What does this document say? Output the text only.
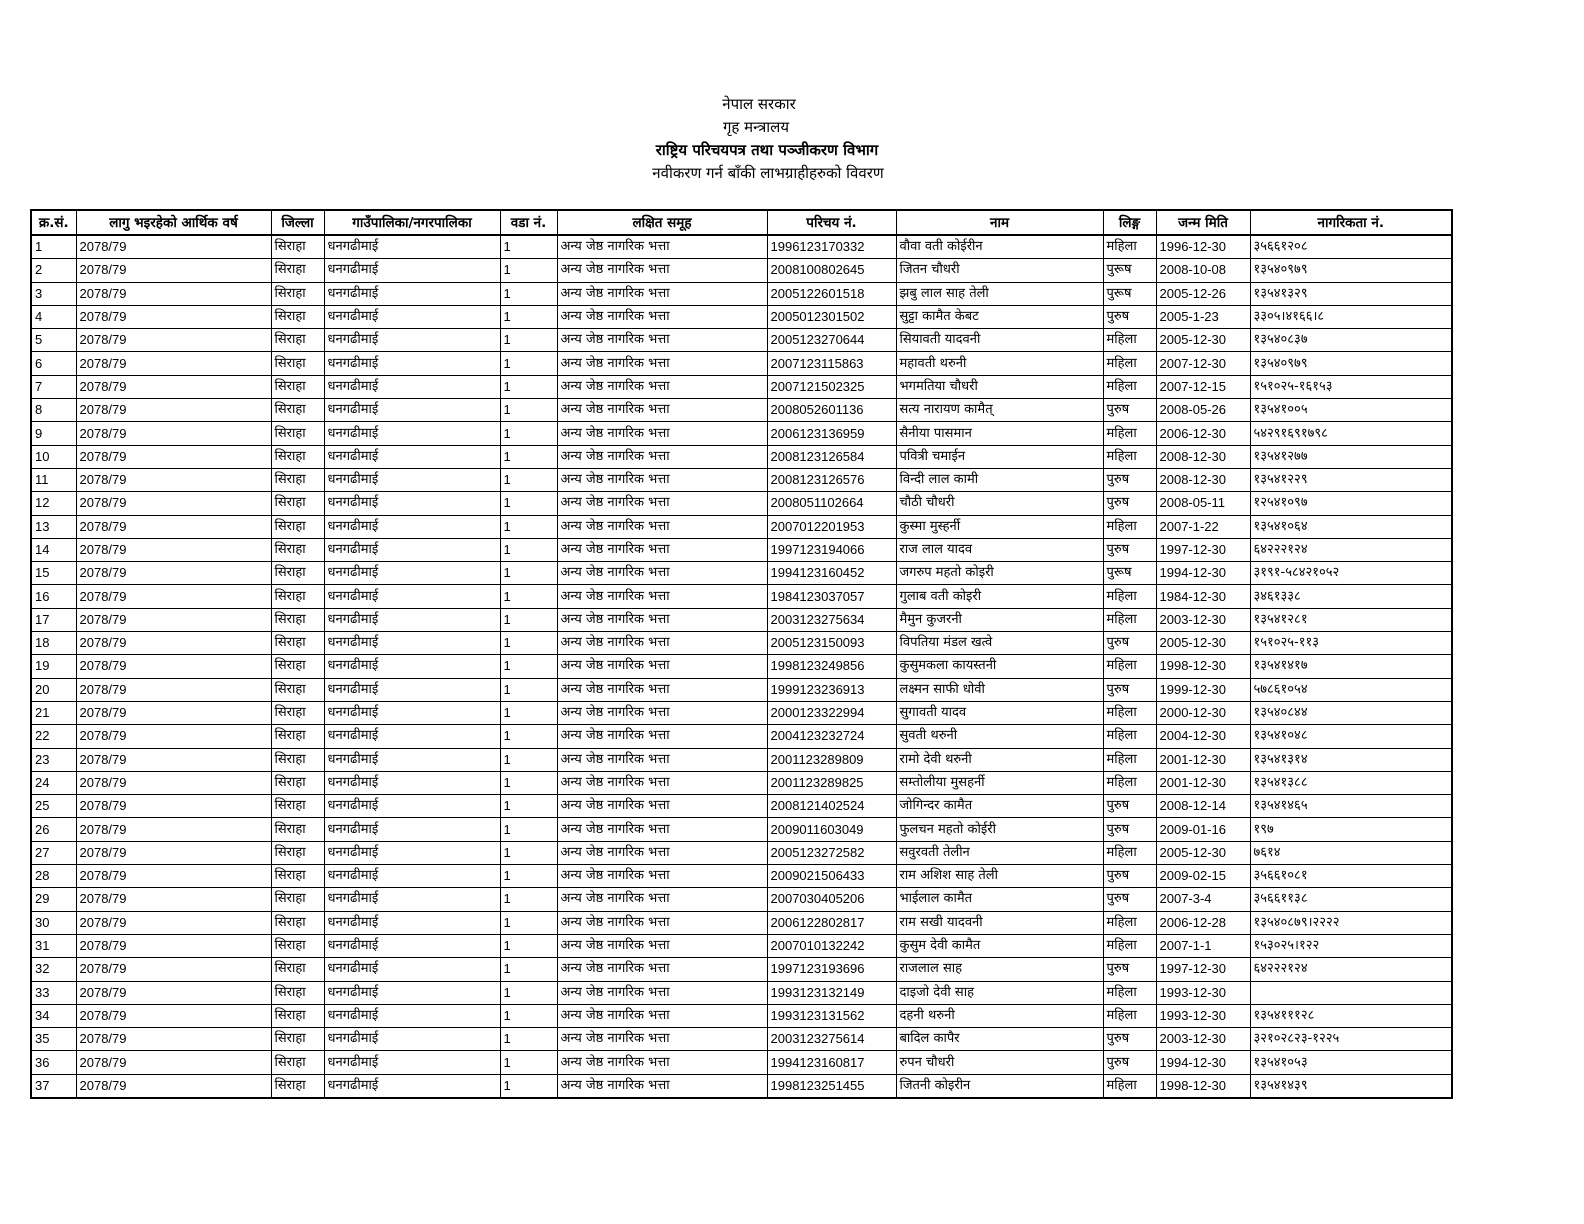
नेपाल सरकार
गृह मन्त्रालय
राष्ट्रिय परिचयपत्र तथा पञ्जीकरण विभाग
नवीकरण गर्न बाँकी लाभग्राहीहरुको विवरण
क्र.सं.	लागु भइरहेको आर्थिक वर्ष	जिल्ला	गाउँपालिका/नगरपालिका	वडा नं.	लक्षित समूह	परिचय नं.	नाम	लिङ्ग	जन्म मिति	नागरिकता नं.
1	2078/79	सिराहा	धनगढीमाई	1	अन्य जेष्ठ नागरिक भत्ता	1996123170332	वौवा वती कोईरीन	महिला	1996-12-30	३५६६१२०८
2	2078/79	सिराहा	धनगढीमाई	1	अन्य जेष्ठ नागरिक भत्ता	2008100802645	जितन चौधरी	पुरूष	2008-10-08	१३५४०९७९
3	2078/79	सिराहा	धनगढीमाई	1	अन्य जेष्ठ नागरिक भत्ता	2005122601518	झबु लाल साह तेली	पुरूष	2005-12-26	१३५४१३२९
4	2078/79	सिराहा	धनगढीमाई	1	अन्य जेष्ठ नागरिक भत्ता	2005012301502	सुट्टा कामैत केबट	पुरुष	2005-1-23	३३०५।४१६६।८
5	2078/79	सिराहा	धनगढीमाई	1	अन्य जेष्ठ नागरिक भत्ता	2005123270644	सियावती यादवनी	महिला	2005-12-30	१३५४०८३७
6	2078/79	सिराहा	धनगढीमाई	1	अन्य जेष्ठ नागरिक भत्ता	2007123115863	महावती थरुनी	महिला	2007-12-30	१३५४०९७९
7	2078/79	सिराहा	धनगढीमाई	1	अन्य जेष्ठ नागरिक भत्ता	2007121502325	भगमतिया चौधरी	महिला	2007-12-15	१५१०२५-१६१५३
8	2078/79	सिराहा	धनगढीमाई	1	अन्य जेष्ठ नागरिक भत्ता	2008052601136	सत्य नारायण कामैत्	पुरुष	2008-05-26	१३५४१००५
9	2078/79	सिराहा	धनगढीमाई	1	अन्य जेष्ठ नागरिक भत्ता	2006123136959	सैनीया पासमान	महिला	2006-12-30	५४२९१६९१७९८
10	2078/79	सिराहा	धनगढीमाई	1	अन्य जेष्ठ नागरिक भत्ता	2008123126584	पवित्री चमाईन	महिला	2008-12-30	१३५४१२७७
11	2078/79	सिराहा	धनगढीमाई	1	अन्य जेष्ठ नागरिक भत्ता	2008123126576	विन्दी लाल कामी	पुरुष	2008-12-30	१३५४१२२९
12	2078/79	सिराहा	धनगढीमाई	1	अन्य जेष्ठ नागरिक भत्ता	2008051102664	चौठी चौधरी	पुरुष	2008-05-11	१२५४१०९७
13	2078/79	सिराहा	धनगढीमाई	1	अन्य जेष्ठ नागरिक भत्ता	2007012201953	कुस्मा मुस्हर्नी	महिला	2007-1-22	१३५४१०६४
14	2078/79	सिराहा	धनगढीमाई	1	अन्य जेष्ठ नागरिक भत्ता	1997123194066	राज लाल यादव	पुरुष	1997-12-30	६४२२२१२४
15	2078/79	सिराहा	धनगढीमाई	1	अन्य जेष्ठ नागरिक भत्ता	1994123160452	जगरुप महतो कोइरी	पुरूष	1994-12-30	३१९१-५८४२१०५२
16	2078/79	सिराहा	धनगढीमाई	1	अन्य जेष्ठ नागरिक भत्ता	1984123037057	गुलाब वती कोइरी	महिला	1984-12-30	३४६१३३८
17	2078/79	सिराहा	धनगढीमाई	1	अन्य जेष्ठ नागरिक भत्ता	2003123275634	मैमुन कुजरनी	महिला	2003-12-30	१३५४१२८१
18	2078/79	सिराहा	धनगढीमाई	1	अन्य जेष्ठ नागरिक भत्ता	2005123150093	विपतिया मंडल खत्वे	पुरुष	2005-12-30	१५१०२५-११३
19	2078/79	सिराहा	धनगढीमाई	1	अन्य जेष्ठ नागरिक भत्ता	1998123249856	कुसुमकला कायस्तनी	महिला	1998-12-30	१३५४१४१७
20	2078/79	सिराहा	धनगढीमाई	1	अन्य जेष्ठ नागरिक भत्ता	1999123236913	लक्ष्मन साफी धोवी	पुरुष	1999-12-30	५७८६१०५४
21	2078/79	सिराहा	धनगढीमाई	1	अन्य जेष्ठ नागरिक भत्ता	2000123322994	सुगावती यादव	महिला	2000-12-30	१३५४०८४४
22	2078/79	सिराहा	धनगढीमाई	1	अन्य जेष्ठ नागरिक भत्ता	2004123232724	सुवती थरुनी	महिला	2004-12-30	१३५४१०४८
23	2078/79	सिराहा	धनगढीमाई	1	अन्य जेष्ठ नागरिक भत्ता	2001123289809	रामो देवी थरुनी	महिला	2001-12-30	१३५४१३१४
24	2078/79	सिराहा	धनगढीमाई	1	अन्य जेष्ठ नागरिक भत्ता	2001123289825	सम्तोलीया मुसहर्नी	महिला	2001-12-30	१३५४१३८८
25	2078/79	सिराहा	धनगढीमाई	1	अन्य जेष्ठ नागरिक भत्ता	2008121402524	जोगिन्दर कामैत	पुरुष	2008-12-14	१३५४१४६५
26	2078/79	सिराहा	धनगढीमाई	1	अन्य जेष्ठ नागरिक भत्ता	2009011603049	फुलचन महतो कोईरी	पुरुष	2009-01-16	१९७
27	2078/79	सिराहा	धनगढीमाई	1	अन्य जेष्ठ नागरिक भत्ता	2005123272582	सवुरवती तेलीन	महिला	2005-12-30	७६१४
28	2078/79	सिराहा	धनगढीमाई	1	अन्य जेष्ठ नागरिक भत्ता	2009021506433	राम अशिश साह तेली	पुरुष	2009-02-15	३५६६१०८१
29	2078/79	सिराहा	धनगढीमाई	1	अन्य जेष्ठ नागरिक भत्ता	2007030405206	भाईलाल कामैत	पुरुष	2007-3-4	३५६६११३८
30	2078/79	सिराहा	धनगढीमाई	1	अन्य जेष्ठ नागरिक भत्ता	2006122802817	राम सखी यादवनी	महिला	2006-12-28	१३५४०८७९।२२२२
31	2078/79	सिराहा	धनगढीमाई	1	अन्य जेष्ठ नागरिक भत्ता	2007010132242	कुसुम देवी कामैत	महिला	2007-1-1	१५३०२५।१२२
32	2078/79	सिराहा	धनगढीमाई	1	अन्य जेष्ठ नागरिक भत्ता	1997123193696	राजलाल साह	पुरुष	1997-12-30	६४२२२१२४
33	2078/79	सिराहा	धनगढीमाई	1	अन्य जेष्ठ नागरिक भत्ता	1993123132149	दाइजो देवी साह	महिला	1993-12-30	
34	2078/79	सिराहा	धनगढीमाई	1	अन्य जेष्ठ नागरिक भत्ता	1993123131562	दहनी थरुनी	महिला	1993-12-30	१३५४१११२८
35	2078/79	सिराहा	धनगढीमाई	1	अन्य जेष्ठ नागरिक भत्ता	2003123275614	बादिल कापैर	पुरुष	2003-12-30	३२१०२८२३-१२२५
36	2078/79	सिराहा	धनगढीमाई	1	अन्य जेष्ठ नागरिक भत्ता	1994123160817	रुपन चौधरी	पुरुष	1994-12-30	१३५४१०५३
37	2078/79	सिराहा	धनगढीमाई	1	अन्य जेष्ठ नागरिक भत्ता	1998123251455	जितनी कोइरीन	महिला	1998-12-30	१३५४१४३९
